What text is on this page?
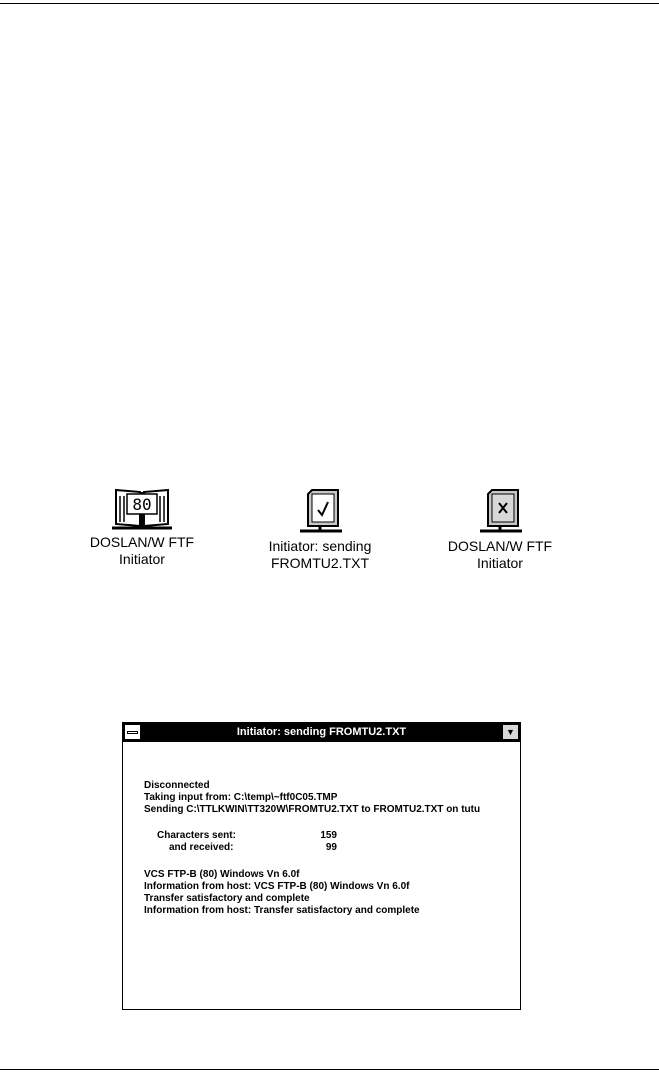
80
DOSLAN/W FTF
Initiator
Initiator: sending
FROMTU2.TXT
DOSLAN/W FTF
Initiator
Initiator: sending FROMTU2.TXT	▼
Disconnected
Taking input from: C:\temp\~ftf0C05.TMP
Sending C:\TTLKWIN\TT320W\FROMTU2.TXT to FROMTU2.TXT on tutu
Characters sent:	159
and received:	99
VCS FTP-B (80) Windows Vn 6.0f
Information from host: VCS FTP-B (80) Windows Vn 6.0f
Transfer satisfactory and complete
Information from host: Transfer satisfactory and complete
